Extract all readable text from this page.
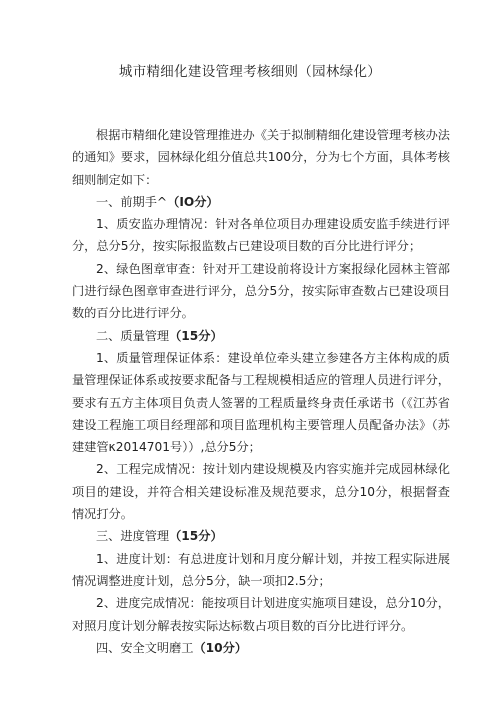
城市精细化建设管理考核细则（园林绿化）

根据市精细化建设管理推进办《关于拟制精细化建设管理考核办法的通知》要求，园林绿化组分值总共100分，分为七个方面，具体考核细则制定如下：

一、前期手^（IO分）

1、质安监办理情况：针对各单位项目办理建设质安监手续进行评分，总分5分，按实际报监数占已建设项目数的百分比进行评分；

2、绿色图章审查：针对开工建设前将设计方案报绿化园林主管部门进行绿色图章审查进行评分，总分5分，按实际审查数占已建设项目数的百分比进行评分。

二、质量管理（15分）

1、质量管理保证体系：建设单位牵头建立参建各方主体构成的质量管理保证体系或按要求配备与工程规模相适应的管理人员进行评分，要求有五方主体项目负责人签署的工程质量终身责任承诺书（《江苏省建设工程施工项目经理部和项目监理机构主要管理人员配备办法》（苏建建管κ2014701号））,总分5分；

2、工程完成情况：按计划内建设规模及内容实施并完成园林绿化项目的建设，并符合相关建设标准及规范要求，总分10分，根据督查情况打分。

三、进度管理（15分）

1、进度计划：有总进度计划和月度分解计划，并按工程实际进展情况调整进度计划，总分5分，缺一项扣2.5分；

2、进度完成情况：能按项目计划进度实施项目建设，总分10分，对照月度计划分解表按实际达标数占项目数的百分比进行评分。

四、安全文明磨工（10分）
